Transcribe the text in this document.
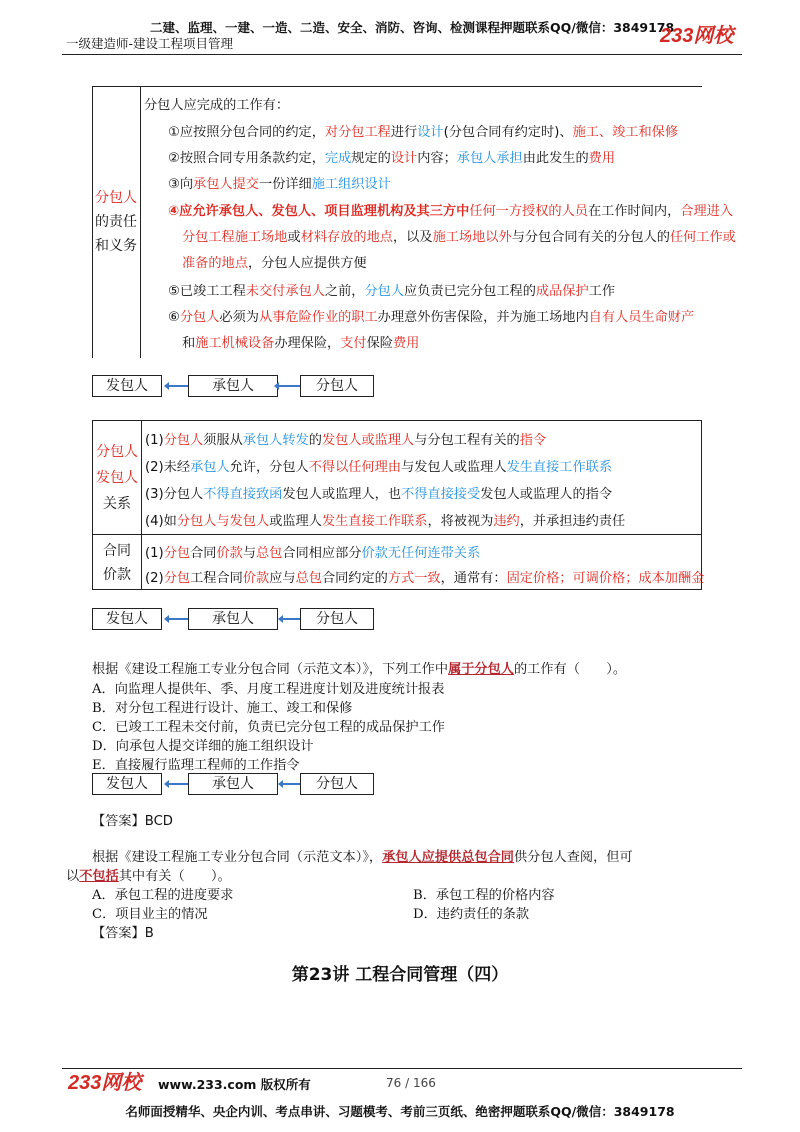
二建、监理、一建、一造、二造、安全、消防、咨询、检测课程押题联系QQ/微信：3849178
一级建造师-建设工程项目管理	233网校
分包人
的责任
和义务
分包人应完成的工作有：
①应按照分包合同的约定，对分包工程进行设计(分包合同有约定时)、施工、竣工和保修
②按照合同专用条款约定，完成规定的设计内容；承包人承担由此发生的费用
③向承包人提交一份详细施工组织设计
④应允许承包人、发包人、项目监理机构及其三方中任何一方授权的人员在工作时间内，合理进入
分包工程施工场地或材料存放的地点，以及施工场地以外与分包合同有关的分包人的任何工作或
准备的地点，分包人应提供方便
⑤已竣工工程未交付承包人之前，分包人应负责已完分包工程的成品保护工作
⑥分包人必须为从事危险作业的职工办理意外伤害保险，并为施工场地内自有人员生命财产
和施工机械设备办理保险，支付保险费用
发包人	承包人	分包人
分包人
发包人
关系
合同
价款
(1)分包人须服从承包人转发的发包人或监理人与分包工程有关的指令
(2)未经承包人允许，分包人不得以任何理由与发包人或监理人发生直接工作联系
(3)分包人不得直接致函发包人或监理人，也不得直接接受发包人或监理人的指令
(4)如分包人与发包人或监理人发生直接工作联系，将被视为违约，并承担违约责任
(1)分包合同价款与总包合同相应部分价款无任何连带关系
(2)分包工程合同价款应与总包合同约定的方式一致，通常有：固定价格；可调价格；成本加酬金
发包人	承包人	分包人
根据《建设工程施工专业分包合同（示范文本）》，下列工作中属于分包人的工作有（　　）。
A．向监理人提供年、季、月度工程进度计划及进度统计报表
B．对分包工程进行设计、施工、竣工和保修
C．已竣工工程未交付前，负责已完分包工程的成品保护工作
D．向承包人提交详细的施工组织设计
E．直接履行监理工程师的工作指令
发包人	承包人	分包人
【答案】BCD
根据《建设工程施工专业分包合同（示范文本）》，承包人应提供总包合同供分包人查阅，但可
以不包括其中有关（　　）。
A．承包工程的进度要求	B．承包工程的价格内容
C．项目业主的情况	D．违约责任的条款
【答案】B
第23讲 工程合同管理（四）
233网校	www.233.com 版权所有	76 / 166
名师面授精华、央企内训、考点串讲、习题模考、考前三页纸、绝密押题联系QQ/微信：3849178
